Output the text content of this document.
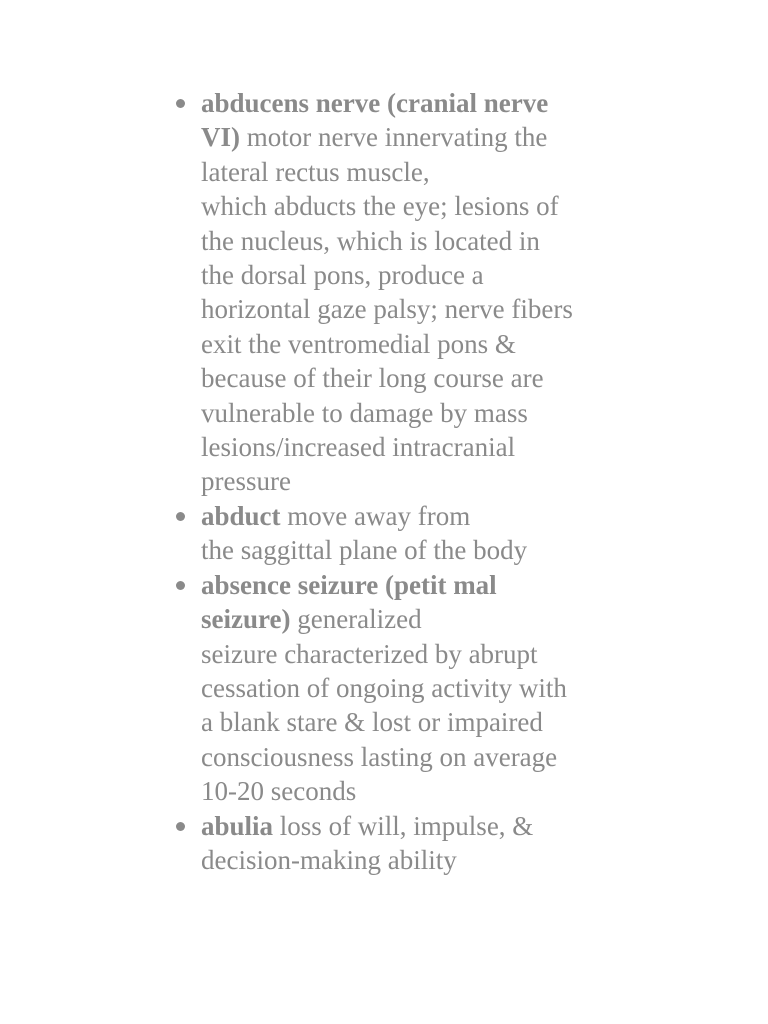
abducens nerve (cranial nerve
VI) motor nerve innervating the
lateral rectus muscle,
which abducts the eye; lesions of
the nucleus, which is located in
the dorsal pons, produce a
horizontal gaze palsy; nerve fibers
exit the ventromedial pons &
because of their long course are
vulnerable to damage by mass
lesions/increased intracranial
pressure
abduct move away from
the saggittal plane of the body
absence seizure (petit mal
seizure) generalized
seizure characterized by abrupt
cessation of ongoing activity with
a blank stare & lost or impaired
consciousness lasting on average
10-20 seconds
abulia loss of will, impulse, &
decision-making ability
